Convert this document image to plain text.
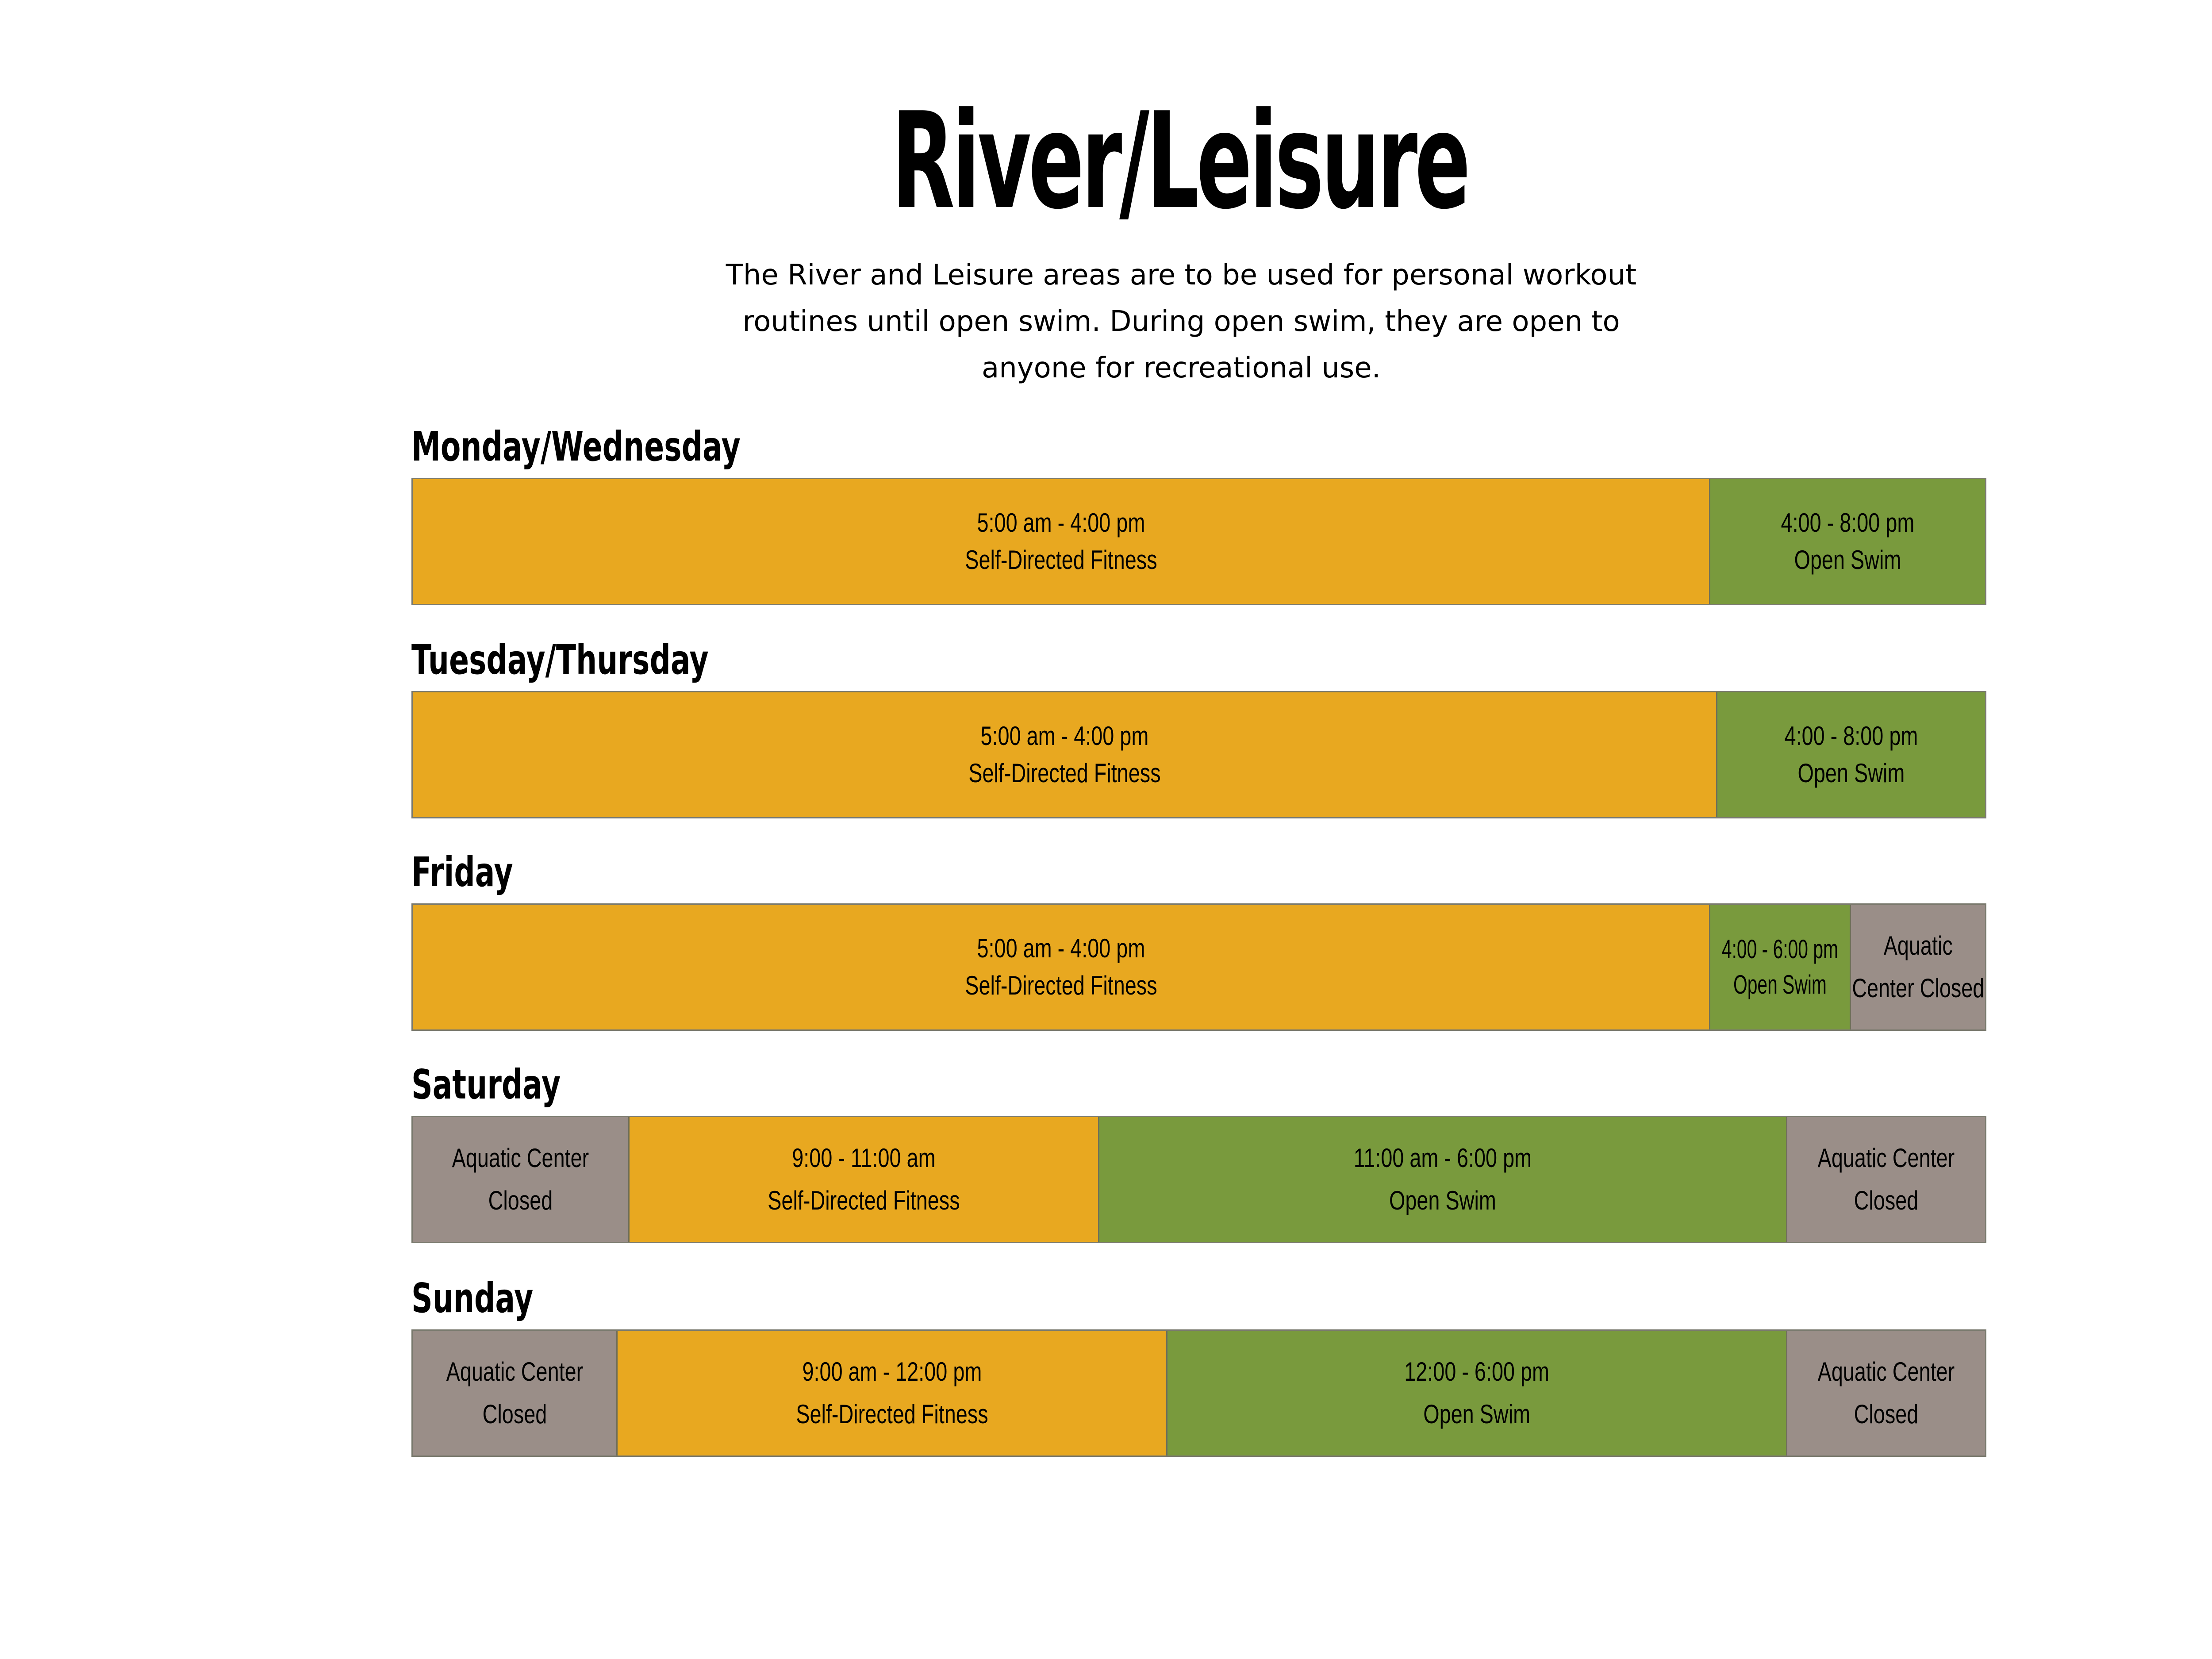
River/Leisure

The River and Leisure areas are to be used for personal workout routines until open swim. During open swim, they are open to anyone for recreational use.

Monday/Wednesday
5:00 am - 4:00 pm
Self-Directed Fitness
4:00 - 8:00 pm
Open Swim
Tuesday/Thursday
5:00 am - 4:00 pm
Self-Directed Fitness
4:00 - 8:00 pm
Open Swim
Friday
5:00 am - 4:00 pm
Self-Directed Fitness
4:00 - 6:00 pm
Open Swim
Aquatic
Center Closed
Saturday
Aquatic Center
Closed
9:00 - 11:00 am
Self-Directed Fitness
11:00 am - 6:00 pm
Open Swim
Aquatic Center
Closed
Sunday
Aquatic Center
Closed
9:00 am - 12:00 pm
Self-Directed Fitness
12:00 - 6:00 pm
Open Swim
Aquatic Center
Closed
